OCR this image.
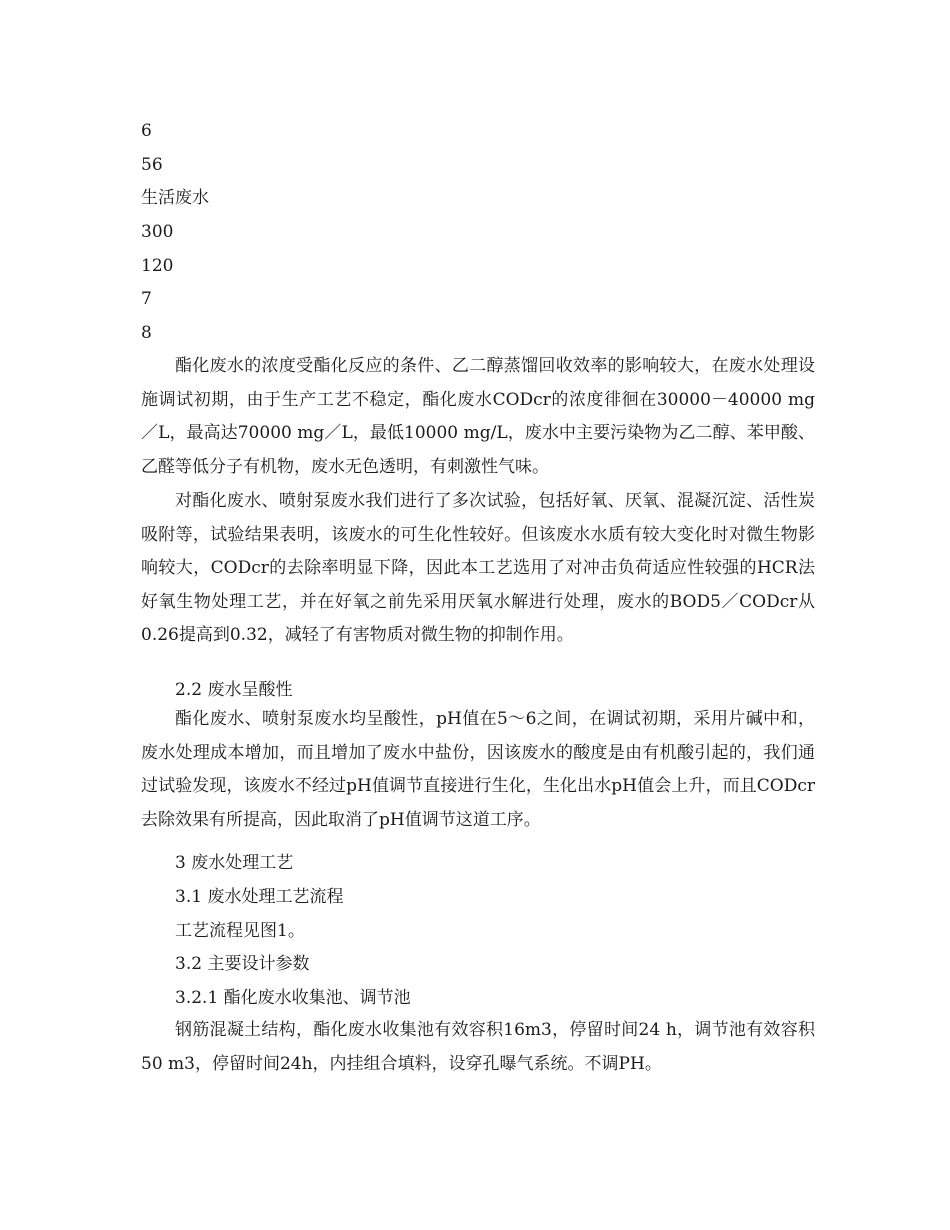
6
56
生活废水
300
120
7
8

酯化废水的浓度受酯化反应的条件、乙二醇蒸馏回收效率的影响较大，在废水处理设施调试初期，由于生产工艺不稳定，酯化废水CODcr的浓度徘徊在30000－40000 mg／L，最高达70000 mg／L，最低10000 mg/L，废水中主要污染物为乙二醇、苯甲酸、乙醛等低分子有机物，废水无色透明，有刺激性气味。

对酯化废水、喷射泵废水我们进行了多次试验，包括好氧、厌氧、混凝沉淀、活性炭吸附等，试验结果表明，该废水的可生化性较好。但该废水水质有较大变化时对微生物影响较大，CODcr的去除率明显下降，因此本工艺选用了对冲击负荷适应性较强的HCR法好氧生物处理工艺，并在好氧之前先采用厌氧水解进行处理，废水的BOD5／CODcr从 0.26提高到0.32，减轻了有害物质对微生物的抑制作用。

2.2 废水呈酸性

酯化废水、喷射泵废水均呈酸性，pH值在5～6之间，在调试初期，采用片碱中和，废水处理成本增加，而且增加了废水中盐份，因该废水的酸度是由有机酸引起的，我们通过试验发现，该废水不经过pH值调节直接进行生化，生化出水pH值会上升，而且CODcr去除效果有所提高，因此取消了pH值调节这道工序。

3 废水处理工艺
3.1 废水处理工艺流程
工艺流程见图1。
3.2 主要设计参数
3.2.1 酯化废水收集池、调节池

钢筋混凝土结构，酯化废水收集池有效容积16m3，停留时间24 h，调节池有效容积50 m3，停留时间24h，内挂组合填料，设穿孔曝气系统。不调PH。
